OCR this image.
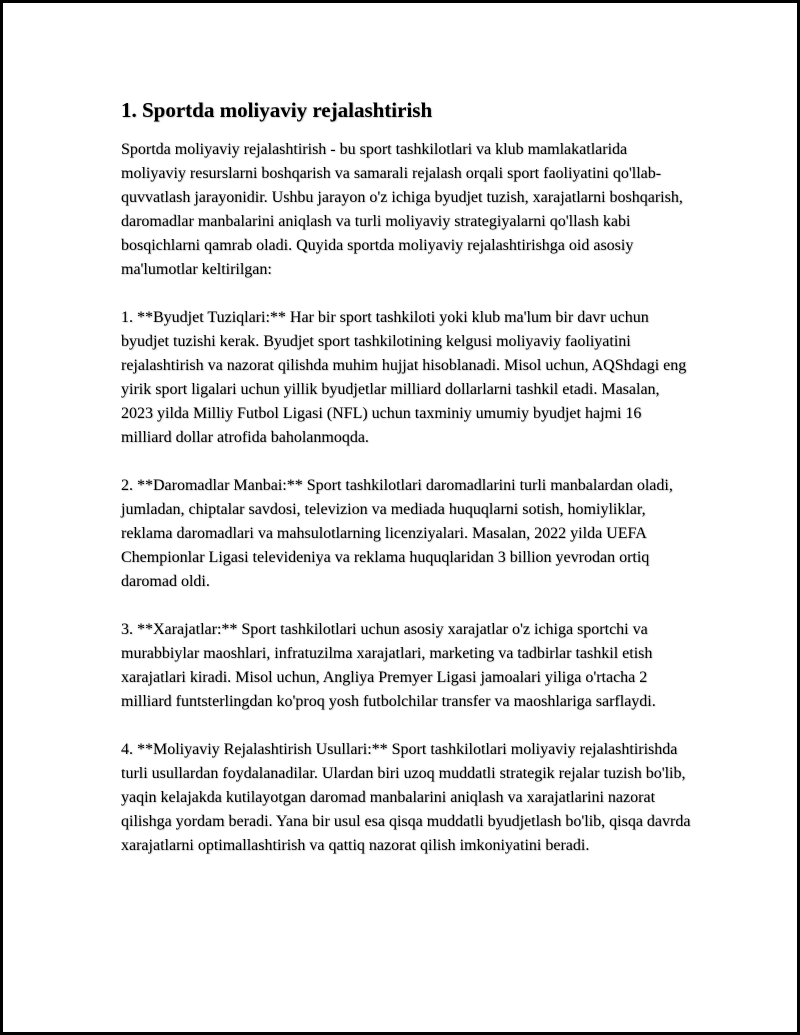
1. Sportda moliyaviy rejalashtirish

Sportda moliyaviy rejalashtirish - bu sport tashkilotlari va klub mamlakatlarida moliyaviy resurslarni boshqarish va samarali rejalash orqali sport faoliyatini qo'llab-quvvatlash jarayonidir. Ushbu jarayon o'z ichiga byudjet tuzish, xarajatlarni boshqarish, daromadlar manbalarini aniqlash va turli moliyaviy strategiyalarni qo'llash kabi bosqichlarni qamrab oladi. Quyida sportda moliyaviy rejalashtirishga oid asosiy ma'lumotlar keltirilgan:

1. **Byudjet Tuziqlari:** Har bir sport tashkiloti yoki klub ma'lum bir davr uchun byudjet tuzishi kerak. Byudjet sport tashkilotining kelgusi moliyaviy faoliyatini rejalashtirish va nazorat qilishda muhim hujjat hisoblanadi. Misol uchun, AQShdagi eng yirik sport ligalari uchun yillik byudjetlar milliard dollarlarni tashkil etadi. Masalan, 2023 yilda Milliy Futbol Ligasi (NFL) uchun taxminiy umumiy byudjet hajmi 16 milliard dollar atrofida baholanmoqda.

2. **Daromadlar Manbai:** Sport tashkilotlari daromadlarini turli manbalardan oladi, jumladan, chiptalar savdosi, televizion va mediada huquqlarni sotish, homiyliklar, reklama daromadlari va mahsulotlarning licenziyalari. Masalan, 2022 yilda UEFA Chempionlar Ligasi televideniya va reklama huquqlaridan 3 billion yevrodan ortiq daromad oldi.

3. **Xarajatlar:** Sport tashkilotlari uchun asosiy xarajatlar o'z ichiga sportchi va murabbiylar maoshlari, infratuzilma xarajatlari, marketing va tadbirlar tashkil etish xarajatlari kiradi. Misol uchun, Angliya Premyer Ligasi jamoalari yiliga o'rtacha 2 milliard funtsterlingdan ko'proq yosh futbolchilar transfer va maoshlariga sarflaydi.

4. **Moliyaviy Rejalashtirish Usullari:** Sport tashkilotlari moliyaviy rejalashtirishda turli usullardan foydalanadilar. Ulardan biri uzoq muddatli strategik rejalar tuzish bo'lib, yaqin kelajakda kutilayotgan daromad manbalarini aniqlash va xarajatlarini nazorat qilishga yordam beradi. Yana bir usul esa qisqa muddatli byudjetlash bo'lib, qisqa davrda xarajatlarni optimallashtirish va qattiq nazorat qilish imkoniyatini beradi.
